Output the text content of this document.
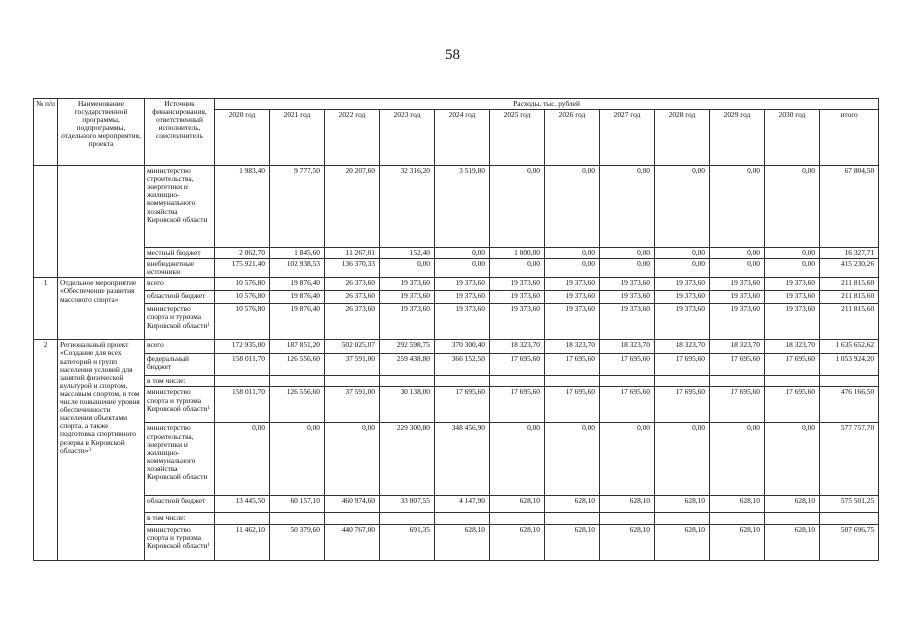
58
№ п/п	Наименование государственной программы, подпрограммы, отдельного мероприятия, проекта	Источник финансирования, ответственный исполнитель, соисполнитель	Расходы, тыс. рублей											
			2020 год	2021 год	2022 год	2023 год	2024 год	2025 год	2026 год	2027 год	2028 год	2029 год	2030 год	итого
		министерство строительства, энергетики и жилищно-коммунального хозяйства Кировской области	1 983,40	9 777,50	20 207,60	32 316,20	3 519,80	0,00	0,00	0,00	0,00	0,00	0,00	67 804,50
		местный бюджет	2 062,70	1 845,60	11 267,01	152,40	0,00	1 000,00	0,00	0,00	0,00	0,00	0,00	16 327,71
		внебюджетные источники	175 921,40	102 938,53	136 370,33	0,00	0,00	0,00	0,00	0,00	0,00	0,00	0,00	415 230,26
1	Отдельное мероприятие «Обеспечение развития массового спорта»	всего	10 576,80	19 876,40	26 373,60	19 373,60	19 373,60	19 373,60	19 373,60	19 373,60	19 373,60	19 373,60	19 373,60	211 815,60
		областной бюджет	10 576,80	19 876,40	26 373,60	19 373,60	19 373,60	19 373,60	19 373,60	19 373,60	19 373,60	19 373,60	19 373,60	211 815,60
		министерство спорта и туризма Кировской области$^1$	10 576,80	19 876,40	26 373,60	19 373,60	19 373,60	19 373,60	19 373,60	19 373,60	19 373,60	19 373,60	19 373,60	211 815,60
2	Региональный проект «Создание для всех категорий и групп населения условий для занятий физической культурой и спортом, массовым спортом, в том числе повышение уровня обеспеченности населения объектами спорта, а также подготовка спортивного резерва в Кировской области»$^3$	всего	172 935,00	187 851,20	502 025,07	292 598,75	370 300,40	18 323,70	18 323,70	18 323,70	18 323,70	18 323,70	18 323,70	1 635 652,62
		федеральный бюджет	158 011,70	126 556,60	37 591,00	259 438,80	366 152,50	17 695,60	17 695,60	17 695,60	17 695,60	17 695,60	17 695,60	1 053 924,20
		в том числе:												
		министерство спорта и туризма Кировской области$^1$	158 011,70	126 556,60	37 591,00	30 138,00	17 695,60	17 695,60	17 695,60	17 695,60	17 695,60	17 695,60	17 695,60	476 166,50
		министерство строительства, энергетики и жилищно-коммунального хозяйства Кировской области	0,00	0,00	0,00	229 300,80	348 456,90	0,00	0,00	0,00	0,00	0,00	0,00	577 757,70
		областной бюджет	13 445,50	60 157,10	460 974,60	33 007,55	4 147,90	628,10	628,10	628,10	628,10	628,10	628,10	575 501,25
		в том числе:												
		министерство спорта и туризма Кировской области$^1$	11 462,10	50 379,60	440 767,00	691,35	628,10	628,10	628,10	628,10	628,10	628,10	628,10	507 696,75
